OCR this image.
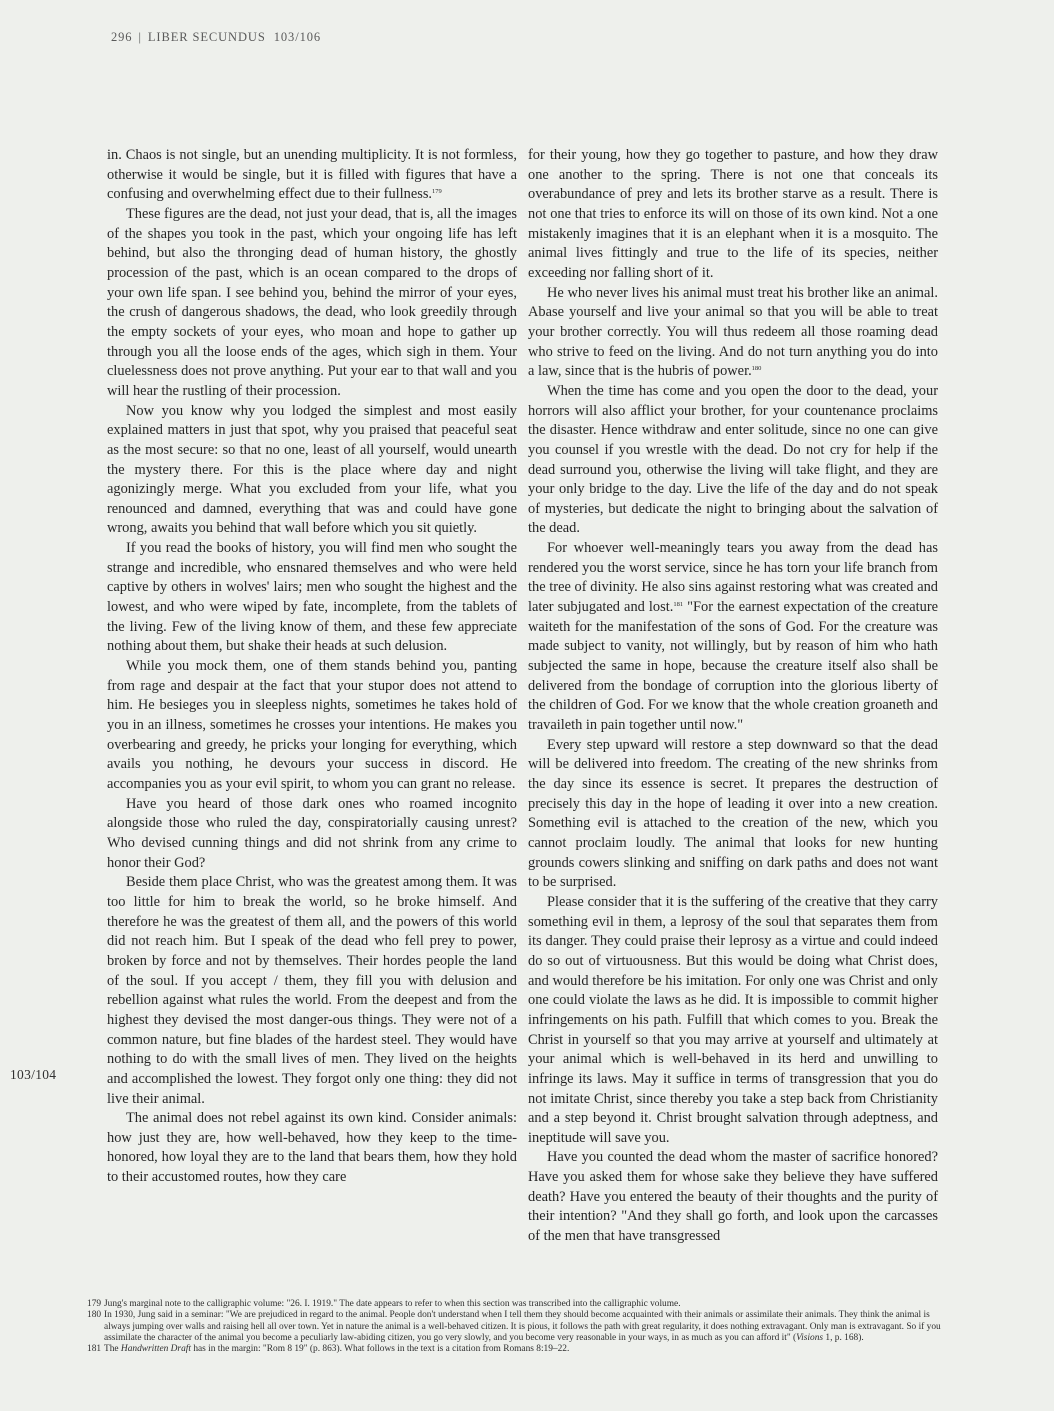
296 | LIBER SECUNDUS 103/106

in. Chaos is not single, but an unending multiplicity. It is not formless, otherwise it would be single, but it is filled with figures that have a confusing and overwhelming effect due to their fullness.$^{179}$

These figures are the dead, not just your dead, that is, all the images of the shapes you took in the past, which your ongoing life has left behind, but also the thronging dead of human history, the ghostly procession of the past, which is an ocean compared to the drops of your own life span. I see behind you, behind the mirror of your eyes, the crush of dangerous shadows, the dead, who look greedily through the empty sockets of your eyes, who moan and hope to gather up through you all the loose ends of the ages, which sigh in them. Your cluelessness does not prove anything. Put your ear to that wall and you will hear the rustling of their procession.

Now you know why you lodged the simplest and most easily explained matters in just that spot, why you praised that peaceful seat as the most secure: so that no one, least of all yourself, would unearth the mystery there. For this is the place where day and night agonizingly merge. What you excluded from your life, what you renounced and damned, everything that was and could have gone wrong, awaits you behind that wall before which you sit quietly.

If you read the books of history, you will find men who sought the strange and incredible, who ensnared themselves and who were held captive by others in wolves' lairs; men who sought the highest and the lowest, and who were wiped by fate, incomplete, from the tablets of the living. Few of the living know of them, and these few appreciate nothing about them, but shake their heads at such delusion.

While you mock them, one of them stands behind you, panting from rage and despair at the fact that your stupor does not attend to him. He besieges you in sleepless nights, sometimes he takes hold of you in an illness, sometimes he crosses your intentions. He makes you overbearing and greedy, he pricks your longing for everything, which avails you nothing, he devours your success in discord. He accompanies you as your evil spirit, to whom you can grant no release.

Have you heard of those dark ones who roamed incognito alongside those who ruled the day, conspiratorially causing unrest? Who devised cunning things and did not shrink from any crime to honor their God?

Beside them place Christ, who was the greatest among them. It was too little for him to break the world, so he broke himself. And therefore he was the greatest of them all, and the powers of this world did not reach him. But I speak of the dead who fell prey to power, broken by force and not by themselves. Their hordes people the land of the soul. If you accept / them, they fill you with delusion and rebellion against what rules the world. From the deepest and from the highest they devised the most danger-ous things. They were not of a common nature, but fine blades of the hardest steel. They would have nothing to do with the small lives of men. They lived on the heights and accomplished the lowest. They forgot only one thing: they did not live their animal.

The animal does not rebel against its own kind. Consider animals: how just they are, how well-behaved, how they keep to the time-honored, how loyal they are to the land that bears them, how they hold to their accustomed routes, how they care

for their young, how they go together to pasture, and how they draw one another to the spring. There is not one that conceals its overabundance of prey and lets its brother starve as a result. There is not one that tries to enforce its will on those of its own kind. Not a one mistakenly imagines that it is an elephant when it is a mosquito. The animal lives fittingly and true to the life of its species, neither exceeding nor falling short of it.

He who never lives his animal must treat his brother like an animal. Abase yourself and live your animal so that you will be able to treat your brother correctly. You will thus redeem all those roaming dead who strive to feed on the living. And do not turn anything you do into a law, since that is the hubris of power.$^{180}$

When the time has come and you open the door to the dead, your horrors will also afflict your brother, for your countenance proclaims the disaster. Hence withdraw and enter solitude, since no one can give you counsel if you wrestle with the dead. Do not cry for help if the dead surround you, otherwise the living will take flight, and they are your only bridge to the day. Live the life of the day and do not speak of mysteries, but dedicate the night to bringing about the salvation of the dead.

For whoever well-meaningly tears you away from the dead has rendered you the worst service, since he has torn your life branch from the tree of divinity. He also sins against restoring what was created and later subjugated and lost.$^{181}$ "For the earnest expectation of the creature waiteth for the manifestation of the sons of God. For the creature was made subject to vanity, not willingly, but by reason of him who hath subjected the same in hope, because the creature itself also shall be delivered from the bondage of corruption into the glorious liberty of the children of God. For we know that the whole creation groaneth and travaileth in pain together until now."

Every step upward will restore a step downward so that the dead will be delivered into freedom. The creating of the new shrinks from the day since its essence is secret. It prepares the destruction of precisely this day in the hope of leading it over into a new creation. Something evil is attached to the creation of the new, which you cannot proclaim loudly. The animal that looks for new hunting grounds cowers slinking and sniffing on dark paths and does not want to be surprised.

Please consider that it is the suffering of the creative that they carry something evil in them, a leprosy of the soul that separates them from its danger. They could praise their leprosy as a virtue and could indeed do so out of virtuousness. But this would be doing what Christ does, and would therefore be his imitation. For only one was Christ and only one could violate the laws as he did. It is impossible to commit higher infringements on his path. Fulfill that which comes to you. Break the Christ in yourself so that you may arrive at yourself and ultimately at your animal which is well-behaved in its herd and unwilling to infringe its laws. May it suffice in terms of transgression that you do not imitate Christ, since thereby you take a step back from Christianity and a step beyond it. Christ brought salvation through adeptness, and ineptitude will save you.

Have you counted the dead whom the master of sacrifice honored? Have you asked them for whose sake they believe they have suffered death? Have you entered the beauty of their thoughts and the purity of their intention? "And they shall go forth, and look upon the carcasses of the men that have transgressed

103/104
179 Jung's marginal note to the calligraphic volume: "26. I. 1919." The date appears to refer to when this section was transcribed into the calligraphic volume.
180 In 1930, Jung said in a seminar: "We are prejudiced in regard to the animal. People don't understand when I tell them they should become acquainted with their animals or assimilate their animals. They think the animal is always jumping over walls and raising hell all over town. Yet in nature the animal is a well-behaved citizen. It is pious, it follows the path with great regularity, it does nothing extravagant. Only man is extravagant. So if you assimilate the character of the animal you become a peculiarly law-abiding citizen, you go very slowly, and you become very reasonable in your ways, in as much as you can afford it" (Visions 1, p. 168).
181 The Handwritten Draft has in the margin: "Rom 8 19" (p. 863). What follows in the text is a citation from Romans 8:19–22.
